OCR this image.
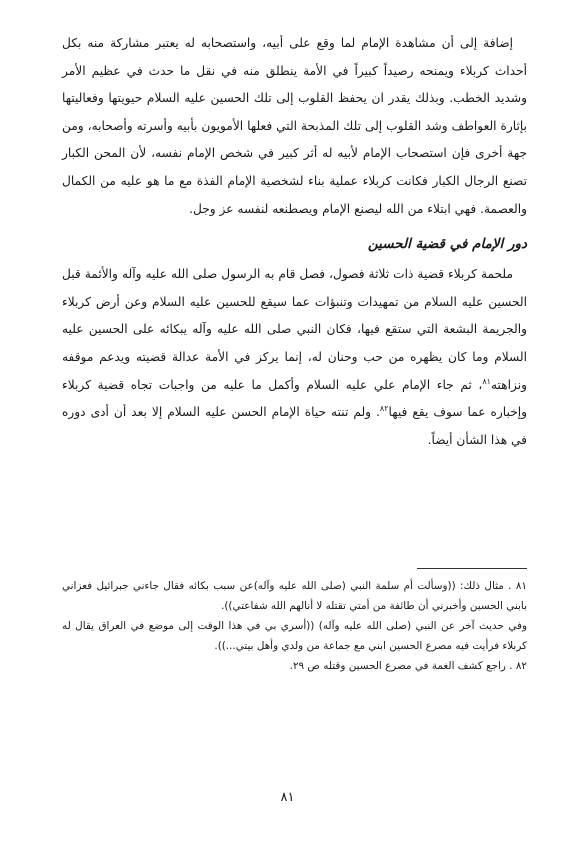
إضافة إلى أن مشاهدة الإمام لما وقع على أبيه، واستصحابه له يعتبر مشاركة منه بكل أحداث كربلاء ويمنحه رصيداً كبيراً في الأمة ينطلق منه في نقل ما حدث في عظيم الأمر وشديد الخطب. وبذلك يقدر ان يحفظ القلوب إلى تلك الحسين عليه السلام حيويتها وفعاليتها بإثارة العواطف وشد القلوب إلى تلك المذبحة التي فعلها الأمويون بأبيه وأسرته وأصحابه، ومن جهة أخرى فإن استصحاب الإمام لأبيه له أثر كبير في شخص الإمام نفسه، لأن المحن الكبار تصنع الرجال الكبار فكانت كربلاء عملية بناء لشخصية الإمام الفذة مع ما هو عليه من الكمال والعصمة. فهي ابتلاء من الله ليصنع الإمام ويصطنعه لنفسه عز وجل.

دور الإمام في قضية الحسين

ملحمة كربلاء قضية ذات ثلاثة فصول، فصل قام به الرسول صلى الله عليه وآله والأئمة قبل الحسين عليه السلام من تمهيدات وتنبؤات عما سيقع للحسين عليه السلام وعن أرض كربلاء والجريمة البشعة التي ستقع فيها، فكان النبي صلى الله عليه وآله يبكائه على الحسين عليه السلام وما كان يظهره من حب وحنان له، إنما يركز في الأمة عدالة قضيته ويدعم موقفه ونزاهته$^{٨١}$، ثم جاء الإمام علي عليه السلام وأكمل ما عليه من واجبات تجاه قضية كربلاء وإخباره عما سوف يقع فيها$^{٨٢}$. ولم تنته حياة الإمام الحسن عليه السلام إلا بعد أن أدى دوره في هذا الشأن أيضاً.

٨١ . مثال ذلك: ((وسألت أم سلمة النبي (صلى الله عليه وآله)عن سبب بكائه فقال جاءني جبرائيل فعزاني بابني الحسين وأخبرني أن طائفة من أمتي تقتله لا أنالهم الله شفاعتي)).

وفي حديث آخر عن النبي (صلى الله عليه وآله) ((أسري بي في هذا الوقت إلى موضع في العراق يقال له كربلاء فرأيت فيه مصرع الحسين ابني مع جماعة من ولدي وأهل بيتي...)).

٨٢ . راجع كشف الغمة في مصرع الحسين وقتله ص ٢٩.

٨١
